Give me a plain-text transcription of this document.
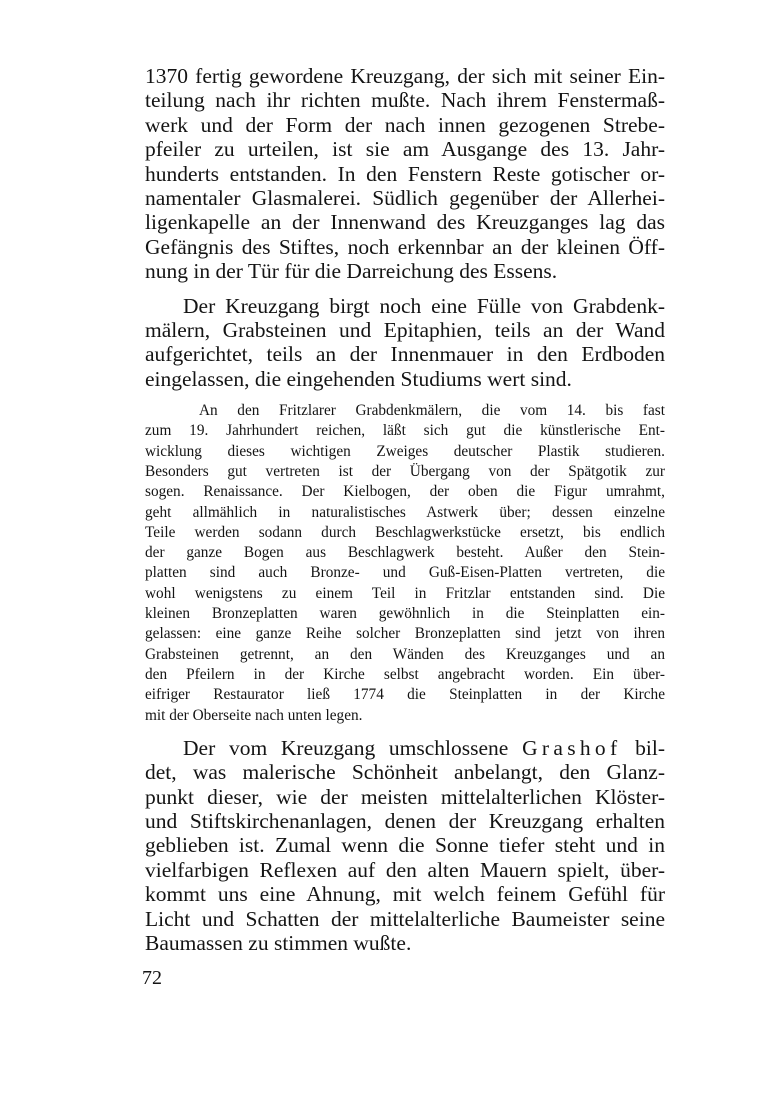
1370 fertig gewordene Kreuzgang, der sich mit seiner Ein-
teilung nach ihr richten mußte. Nach ihrem Fenstermaß-
werk und der Form der nach innen gezogenen Strebe-
pfeiler zu urteilen, ist sie am Ausgange des 13. Jahr-
hunderts entstanden. In den Fenstern Reste gotischer or-
namentaler Glasmalerei. Südlich gegenüber der Allerhei-
ligenkapelle an der Innenwand des Kreuzganges lag das
Gefängnis des Stiftes, noch erkennbar an der kleinen Öff-
nung in der Tür für die Darreichung des Essens.
Der Kreuzgang birgt noch eine Fülle von Grabdenk-
mälern, Grabsteinen und Epitaphien, teils an der Wand
aufgerichtet, teils an der Innenmauer in den Erdboden
eingelassen, die eingehenden Studiums wert sind.
An den Fritzlarer Grabdenkmälern, die vom 14. bis fast
zum 19. Jahrhundert reichen, läßt sich gut die künstlerische Ent-
wicklung dieses wichtigen Zweiges deutscher Plastik studieren.
Besonders gut vertreten ist der Übergang von der Spätgotik zur
sogen. Renaissance. Der Kielbogen, der oben die Figur umrahmt,
geht allmählich in naturalistisches Astwerk über; dessen einzelne
Teile werden sodann durch Beschlagwerkstücke ersetzt, bis endlich
der ganze Bogen aus Beschlagwerk besteht. Außer den Stein-
platten sind auch Bronze- und Guß-Eisen-Platten vertreten, die
wohl wenigstens zu einem Teil in Fritzlar entstanden sind. Die
kleinen Bronzeplatten waren gewöhnlich in die Steinplatten ein-
gelassen: eine ganze Reihe solcher Bronzeplatten sind jetzt von ihren
Grabsteinen getrennt, an den Wänden des Kreuzganges und an
den Pfeilern in der Kirche selbst angebracht worden. Ein über-
eifriger Restaurator ließ 1774 die Steinplatten in der Kirche
mit der Oberseite nach unten legen.
Der vom Kreuzgang umschlossene Grashof bil-
det, was malerische Schönheit anbelangt, den Glanz-
punkt dieser, wie der meisten mittelalterlichen Klöster-
und Stiftskirchenanlagen, denen der Kreuzgang erhalten
geblieben ist. Zumal wenn die Sonne tiefer steht und in
vielfarbigen Reflexen auf den alten Mauern spielt, über-
kommt uns eine Ahnung, mit welch feinem Gefühl für
Licht und Schatten der mittelalterliche Baumeister seine
Baumassen zu stimmen wußte.
72
